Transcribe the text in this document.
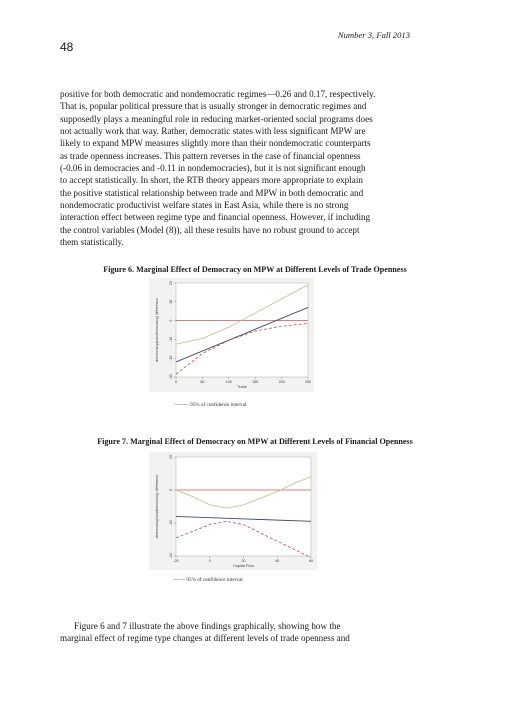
Number 3, Fall 2013
48

positive for both democratic and nondemocratic regimes—0.26 and 0.17, respectively.

That is, popular political pressure that is usually stronger in democratic regimes and

supposedly plays a meaningful role in reducing market-oriented social programs does

not actually work that way. Rather, democratic states with less significant MPW are

likely to expand MPW measures slightly more than their nondemocratic counterparts

as trade openness increases. This pattern reverses in the case of financial openness

(-0.06 in democracies and -0.11 in nondemocracies), but it is not significant enough

to accept statistically. In short, the RTB theory appears more appropriate to explain

the positive statistical relationship between trade and MPW in both democratic and

nondemocratic productivist welfare states in East Asia, while there is no strong

interaction effect between regime type and financial openness. However, if including

the control variables (Model (8)), all these results have no robust ground to accept

them statistically.

Figure 6. Marginal Effect of Democracy on MPW at Different Levels of Trade Openness
-30
-20
-10
0
10
20
0	50	100	150	200	250
Trade
democracy(nondemocracy) difference
-------- 95% of confidence interval
Figure 7. Marginal Effect of Democracy on MPW at Different Levels of Financial Openness
-40
-20
0
20
-20	0	20	40	60
Capital Flow
democracy(nondemocracy) difference
------- 95% of confidence interval

Figure 6 and 7 illustrate the above findings graphically, showing how the

marginal effect of regime type changes at different levels of trade openness and
